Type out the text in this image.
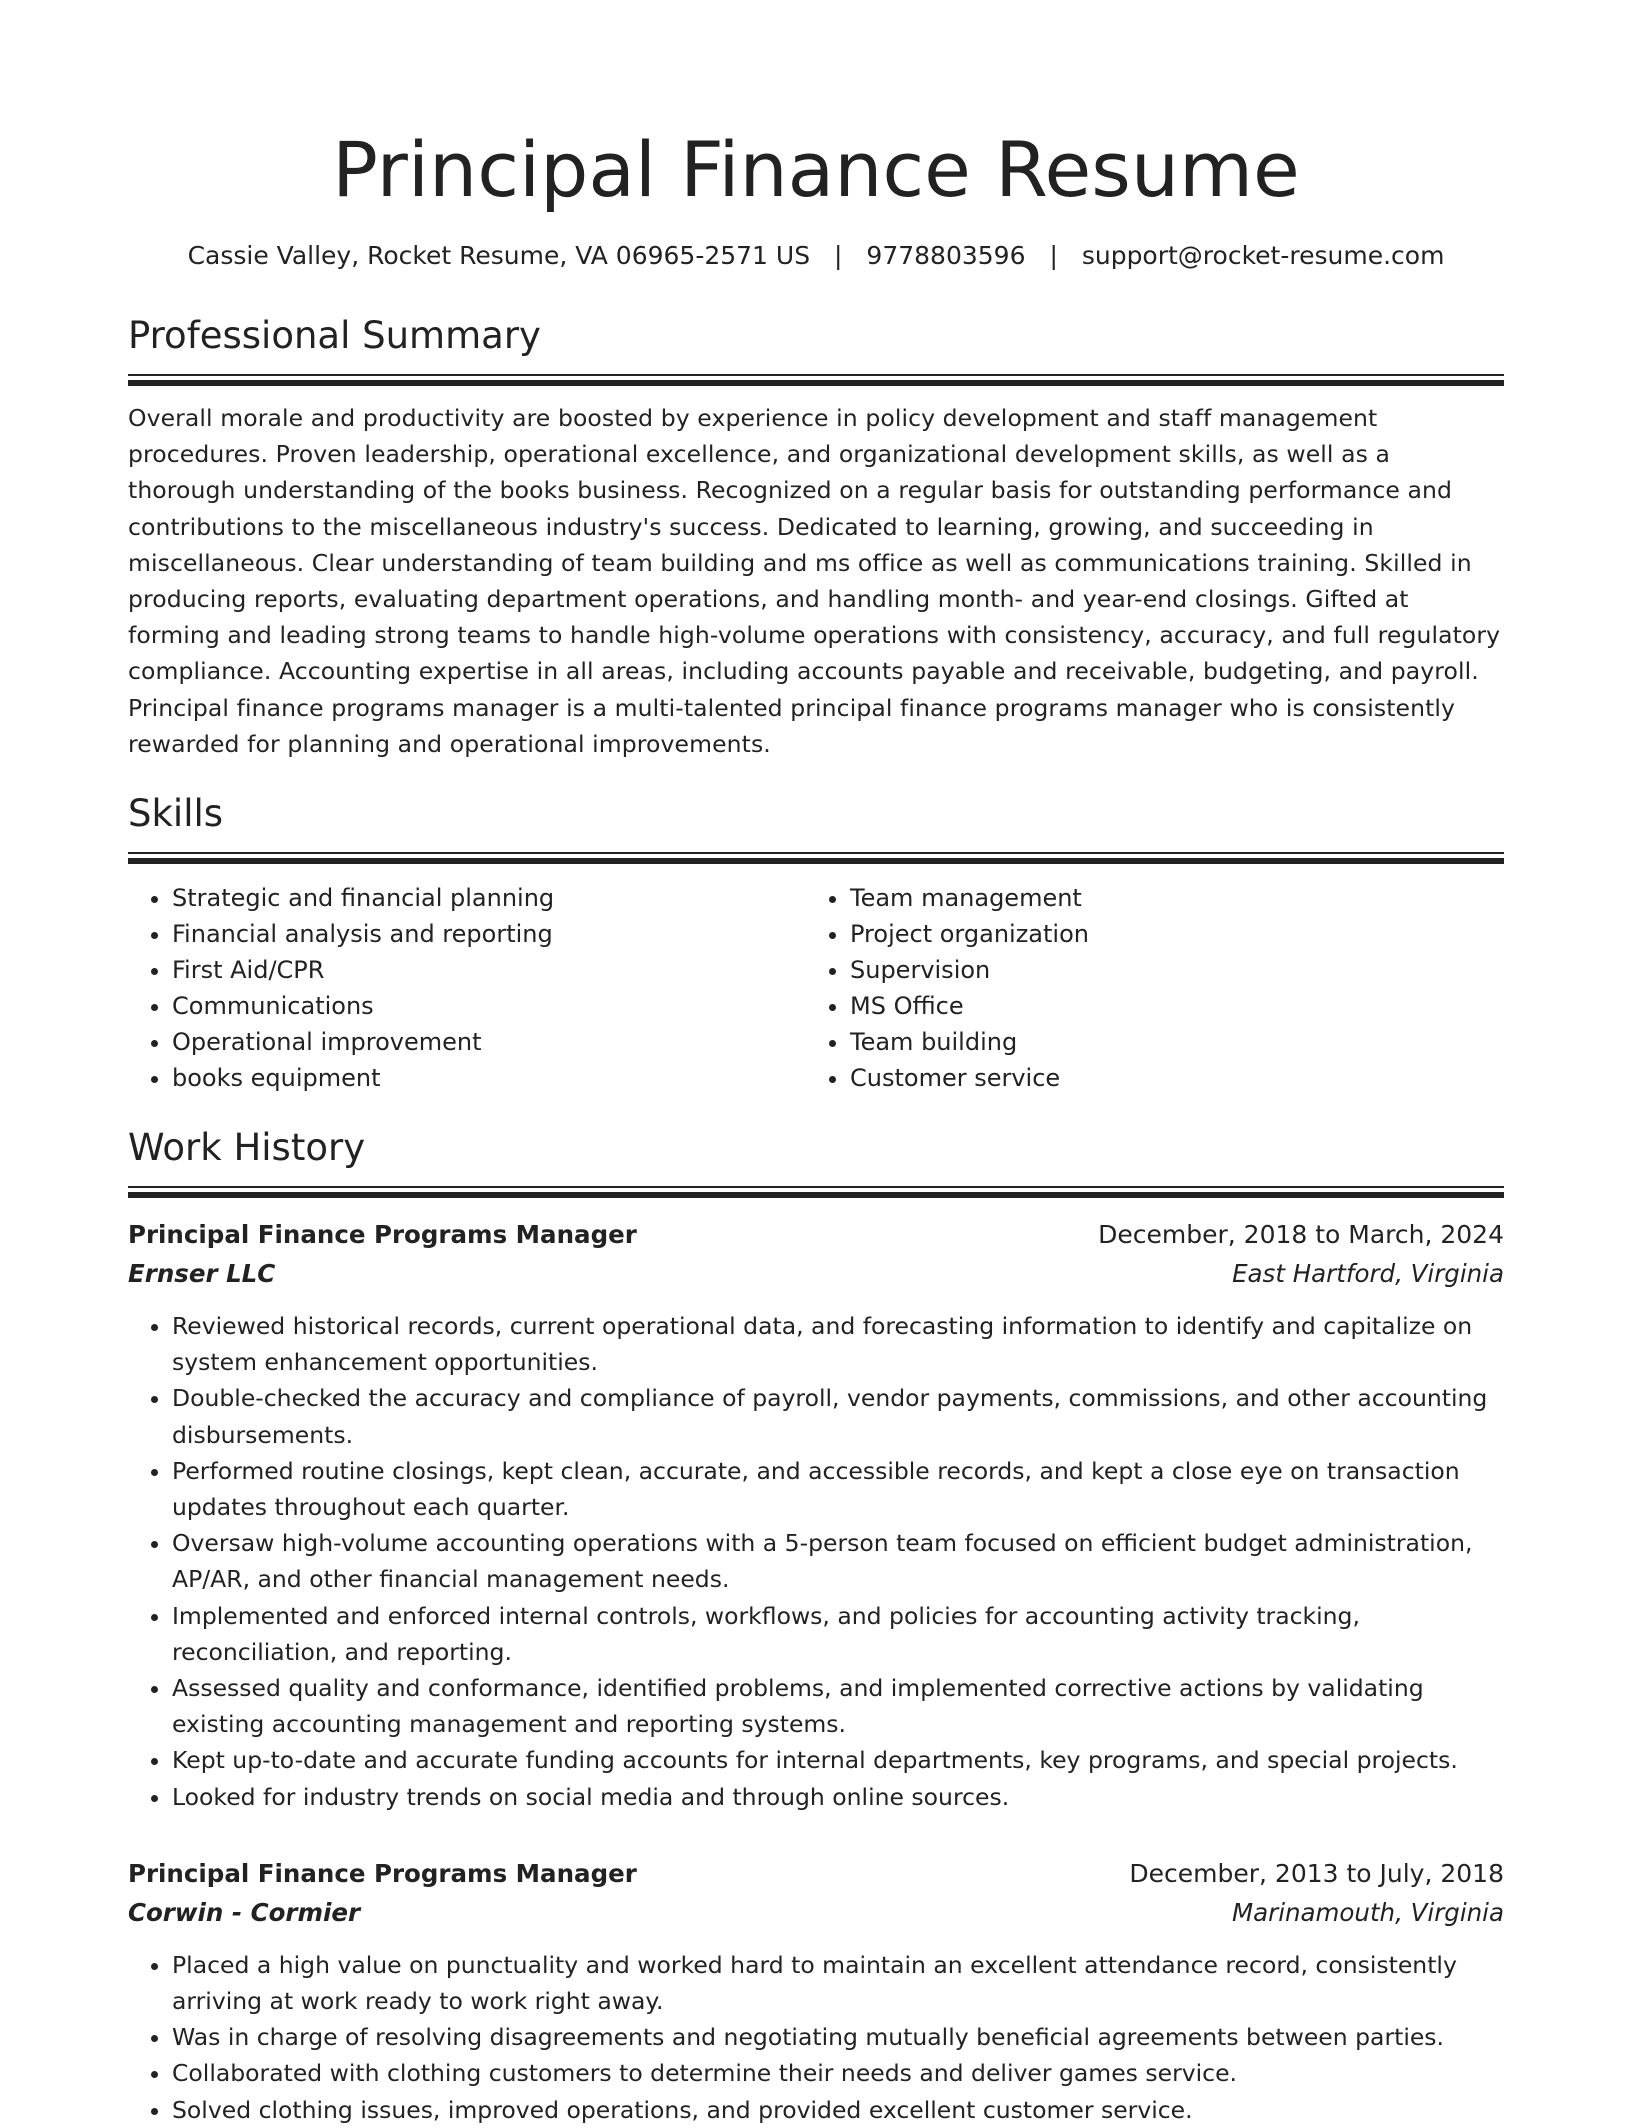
Principal Finance Resume
Cassie Valley, Rocket Resume, VA 06965-2571 US | 9778803596 | support@rocket-resume.com
Professional Summary

Overall morale and productivity are boosted by experience in policy development and staff management procedures. Proven leadership, operational excellence, and organizational development skills, as well as a thorough understanding of the books business. Recognized on a regular basis for outstanding performance and contributions to the miscellaneous industry's success. Dedicated to learning, growing, and succeeding in miscellaneous. Clear understanding of team building and ms office as well as communications training. Skilled in producing reports, evaluating department operations, and handling month- and year-end closings. Gifted at forming and leading strong teams to handle high-volume operations with consistency, accuracy, and full regulatory compliance. Accounting expertise in all areas, including accounts payable and receivable, budgeting, and payroll. Principal finance programs manager is a multi-talented principal finance programs manager who is consistently rewarded for planning and operational improvements.

Skills
• Strategic and financial planning
• Financial analysis and reporting
• First Aid/CPR
• Communications
• Operational improvement
• books equipment
• Team management
• Project organization
• Supervision
• MS Office
• Team building
• Customer service
Work History
Principal Finance Programs Manager	December, 2018 to March, 2024
Ernser LLC	East Hartford, Virginia
• Reviewed historical records, current operational data, and forecasting information to identify and capitalize on system enhancement opportunities.
• Double-checked the accuracy and compliance of payroll, vendor payments, commissions, and other accounting disbursements.
• Performed routine closings, kept clean, accurate, and accessible records, and kept a close eye on transaction updates throughout each quarter.
• Oversaw high-volume accounting operations with a 5-person team focused on efficient budget administration, AP/AR, and other financial management needs.
• Implemented and enforced internal controls, workflows, and policies for accounting activity tracking, reconciliation, and reporting.
• Assessed quality and conformance, identified problems, and implemented corrective actions by validating existing accounting management and reporting systems.
• Kept up-to-date and accurate funding accounts for internal departments, key programs, and special projects.
• Looked for industry trends on social media and through online sources.
Principal Finance Programs Manager	December, 2013 to July, 2018
Corwin - Cormier	Marinamouth, Virginia
• Placed a high value on punctuality and worked hard to maintain an excellent attendance record, consistently arriving at work ready to work right away.
• Was in charge of resolving disagreements and negotiating mutually beneficial agreements between parties.
• Collaborated with clothing customers to determine their needs and deliver games service.
• Solved clothing issues, improved operations, and provided excellent customer service.
